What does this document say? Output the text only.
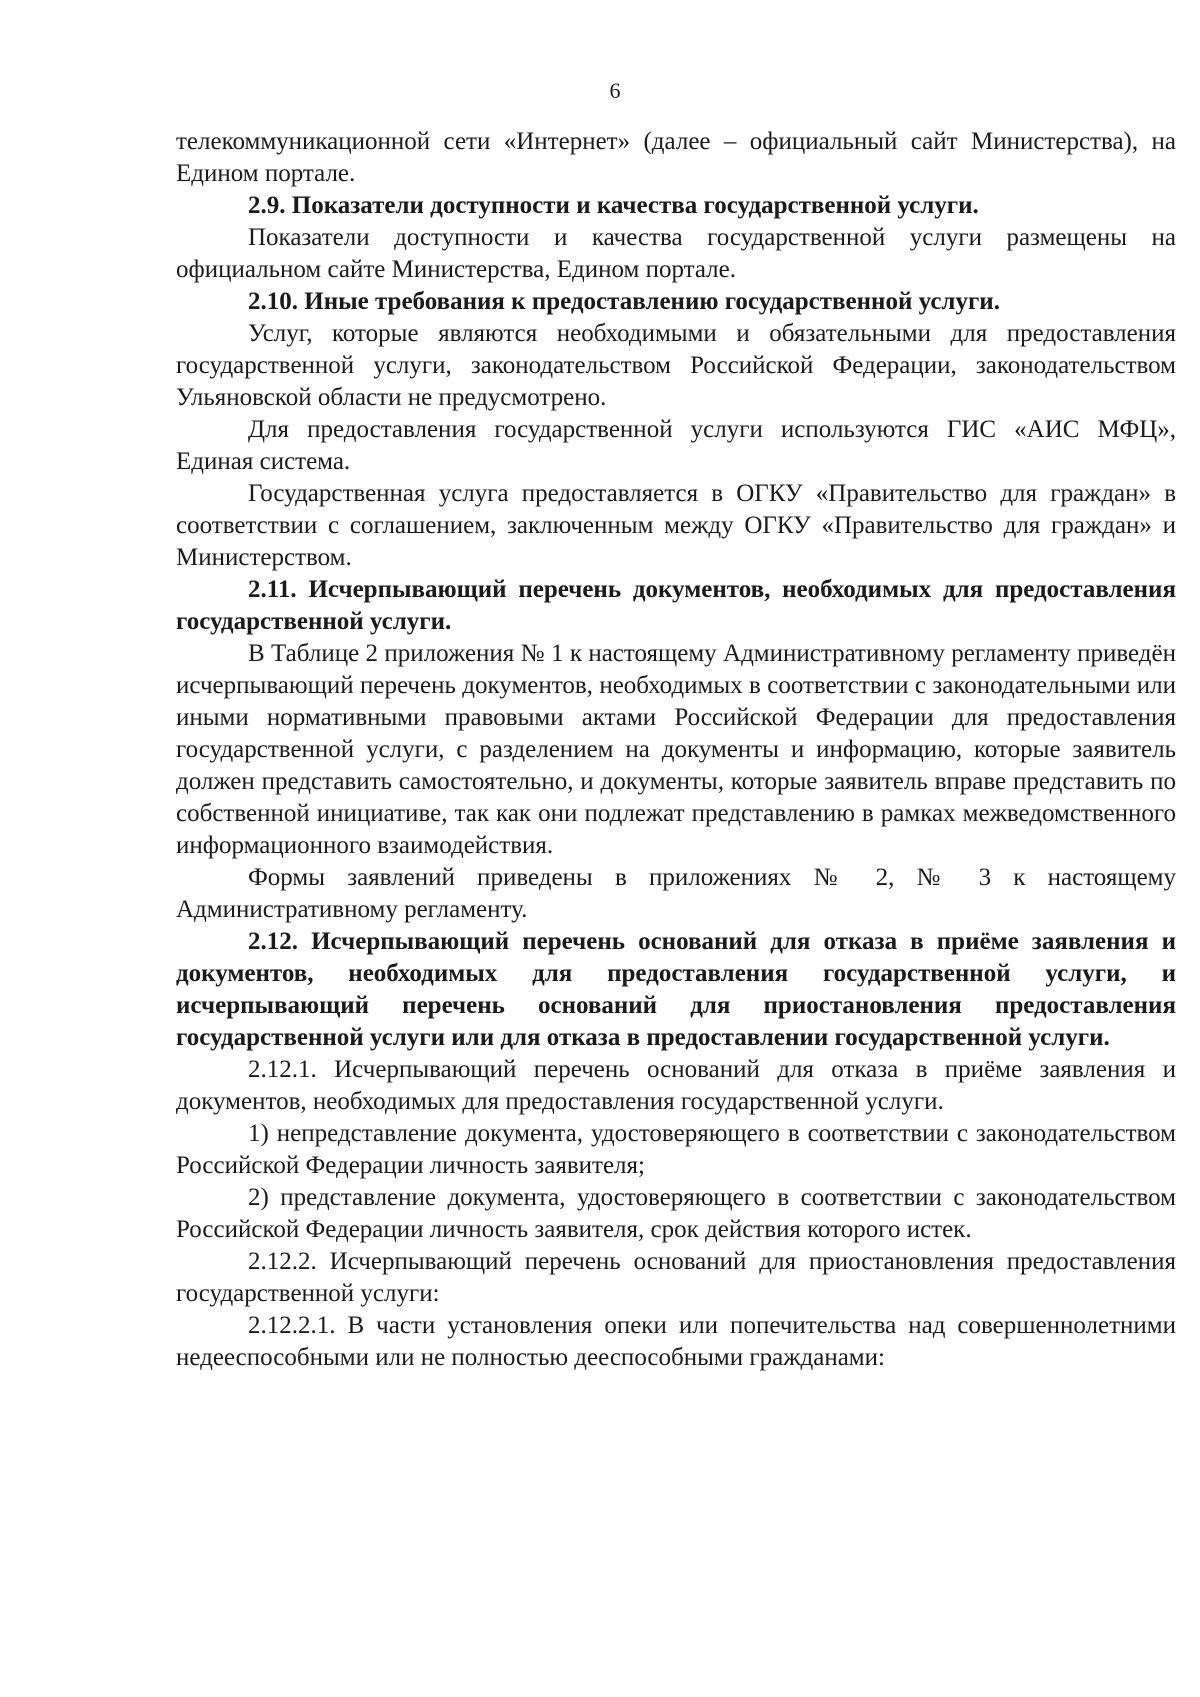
6

телекоммуникационной сети «Интернет» (далее – официальный сайт Министерства), на Едином портале.

2.9. Показатели доступности и качества государственной услуги.

Показатели доступности и качества государственной услуги размещены на официальном сайте Министерства, Едином портале.

2.10. Иные требования к предоставлению государственной услуги.

Услуг, которые являются необходимыми и обязательными для предоставления государственной услуги, законодательством Российской Федерации, законодательством Ульяновской области не предусмотрено.

Для предоставления государственной услуги используются ГИС «АИС МФЦ», Единая система.

Государственная услуга предоставляется в ОГКУ «Правительство для граждан» в соответствии с соглашением, заключенным между ОГКУ «Правительство для граждан» и Министерством.

2.11. Исчерпывающий перечень документов, необходимых для предоставления государственной услуги.

В Таблице 2 приложения № 1 к настоящему Административному регламенту приведён исчерпывающий перечень документов, необходимых в соответствии с законодательными или иными нормативными правовыми актами Российской Федерации для предоставления государственной услуги, с разделением на документы и информацию, которые заявитель должен представить самостоятельно, и документы, которые заявитель вправе представить по собственной инициативе, так как они подлежат представлению в рамках межведомственного информационного взаимодействия.

Формы заявлений приведены в приложениях № 2, № 3 к настоящему Административному регламенту.

2.12. Исчерпывающий перечень оснований для отказа в приёме заявления и документов, необходимых для предоставления государственной услуги, и исчерпывающий перечень оснований для приостановления предоставления государственной услуги или для отказа в предоставлении государственной услуги.

2.12.1. Исчерпывающий перечень оснований для отказа в приёме заявления и документов, необходимых для предоставления государственной услуги.

1) непредставление документа, удостоверяющего в соответствии с законодательством Российской Федерации личность заявителя;

2) представление документа, удостоверяющего в соответствии с законодательством Российской Федерации личность заявителя, срок действия которого истек.

2.12.2. Исчерпывающий перечень оснований для приостановления предоставления государственной услуги:

2.12.2.1. В части установления опеки или попечительства над совершеннолетними недееспособными или не полностью дееспособными гражданами:
